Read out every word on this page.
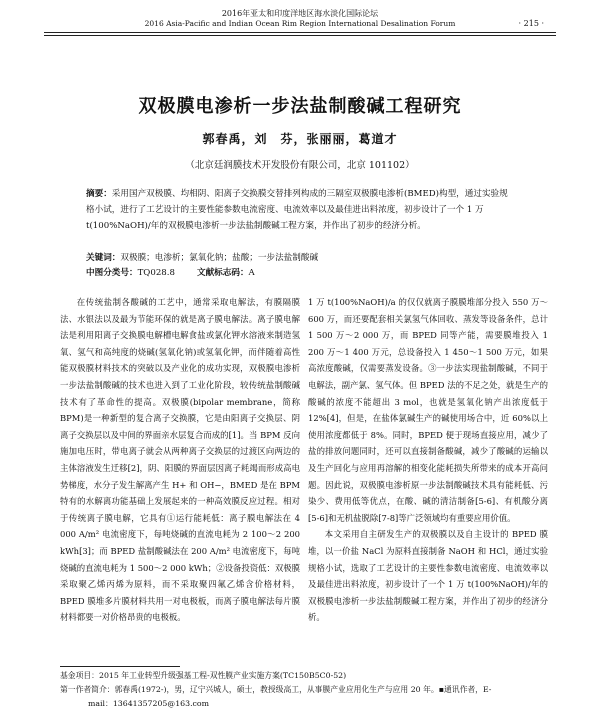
2016年亚太和印度洋地区海水淡化国际论坛
2016 Asia-Pacific and Indian Ocean Rim Region International Desalination Forum	· 215 ·
双极膜电渗析一步法盐制酸碱工程研究
郭春禹，刘　芬，张丽丽，葛道才
（北京廷润膜技术开发股份有限公司，北京 101102）
摘要：采用国产双极膜、均相阴、阳离子交换膜交替排列构成的三隔室双极膜电渗析(BMED)构型，通过实验规格小试，进行了工艺设计的主要性能参数电流密度、电流效率以及最佳进出料浓度，初步设计了一个 1 万 t(100%NaOH)/年的双极膜电渗析一步法盐制酸碱工程方案，并作出了初步的经济分析。
关键词：双极膜；电渗析；氯氧化钠；盐酸；一步法盐制酸碱
中图分类号：TQ028.8	文献标志码：A

在传统盐制各酸碱的工艺中，通常采取电解法，有膜隔膜法、水银法以及最为节能环保的就是离子膜电解法。离子膜电解法是利用阳离子交换膜电解槽电解食盐或氯化钾水溶液来制造氢氧、氢气和高纯度的烧碱(氢氧化钠)或氢氧化钾，而伴随着高性能双极膜材料技术的突破以及产业化的成功实现，双极膜电渗析一步法盐制酸碱的技术也进入到了工业化阶段，较传统盐制酸碱技术有了革命性的提高。双极膜(bipolar membrane，简称 BPM)是一种新型的复合离子交换膜，它是由阳离子交换层、阴离子交换层以及中间的界面亲水层复合而成的[1]。当 BPM 反向施加电压时，带电离子就会从两种离子交换层的过渡区向两边的主体溶液发生迁移[2]，阴、阳膜的界面层因离子耗竭而形成高电势梯度，水分子发生解离产生 H+ 和 OH−，BMED 是在 BPM 特有的水解离功能基础上发展起来的一种高效膜反应过程。相对于传统离子膜电解，它具有①运行能耗低：离子膜电解法在 4 000 A/m² 电流密度下，每吨烧碱的直流电耗为 2 100～2 200 kWh[3]；而 BPED 盐制酸碱法在 200 A/m² 电流密度下，每吨烧碱的直流电耗为 1 500～2 000 kWh；②设备投资低：双极膜采取聚乙烯丙烯为原料，而不采取聚四氟乙烯含价格材料，BPED 膜堆多片膜材料共用一对电极板，而离子膜电解法每片膜材料都要一对价格昂贵的电极板。

1 万 t(100%NaOH)/a 的仅仅就离子膜膜堆部分投入 550 万～600 万，而还要配套相关氯氢气体回收、蒸发等设备条件，总计 1 500 万～2 000 万，而 BPED 同等产能，需要膜堆投入 1 200 万～1 400 万元，总设备投入 1 450～1 500 万元，如果高浓度酸碱，仅需要蒸发设备。③一步法实现盐制酸碱，不同于电解法，副产氯、氢气体。但 BPED 法的不足之处，就是生产的酸碱的浓度不能超出 3 mol，也就是氢氧化钠产出浓度低于 12%[4]，但是，在盐体氯碱生产的碱使用场合中，近 60%以上使用浓度都低于 8%。同时，BPED 便于现场直接应用，减少了盐的排放问题同时，还可以直接制备酸碱，减少了酸碱的运输以及生产回化与应用再溶解的相变化能耗损失所带来的成本开高问题。因此说，双极膜电渗析原一步法制酸碱技术具有能耗低、污染少、费用低等优点，在酸、碱的清洁制备[5-6]、有机酸分离[5-6]和无机盐脱除[7-8]等广泛领域均有重要应用价值。

本文采用自主研发生产的双极膜以及自主设计的 BPED 膜堆，以一价盐 NaCl 为原料直接制备 NaOH 和 HCl，通过实验规格小试，选取了工艺设计的主要性参数电流密度、电流效率以及最佳进出料浓度，初步设计了一个 1 万 t(100%NaOH)/年的双极膜电渗析一步法盐制酸碱工程方案，并作出了初步的经济分析。

基金项目：2015 年工业转型升级强基工程-双性膜产业实施方案(TC150B5C0-52)
第一作者简介：郭春禹(1972-)，男，辽宁兴城人，硕士，教授级高工，从事膜产业应用化生产与应用 20 年。▪通讯作者，E-
mail：13641357205@163.com
